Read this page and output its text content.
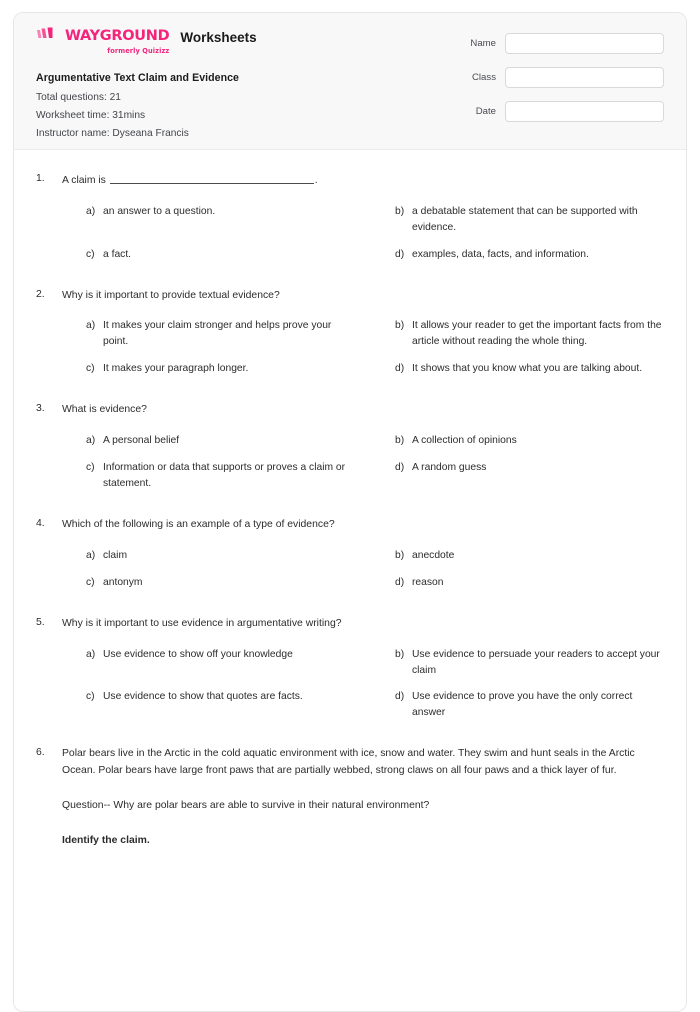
WAYGROUND
formerly Quizizz
Worksheets
Argumentative Text Claim and Evidence
Total questions: 21
Worksheet time: 31mins
Instructor name: Dyseana Francis
Name
Class
Date
1.	A claim is	.
a) an answer to a question.	b) a debatable statement that can be supported with evidence.
c) a fact.	d) examples, data, facts, and information.
2.	Why is it important to provide textual evidence?
a) It makes your claim stronger and helps prove your point.
b) It allows your reader to get the important facts from the article without reading the whole thing.
c) It makes your paragraph longer.	d) It shows that you know what you are talking about.
3.	What is evidence?
a) A personal belief	b) A collection of opinions
c) Information or data that supports or proves a claim or statement.
d) A random guess
4.	Which of the following is an example of a type of evidence?
a) claim	b) anecdote
c) antonym	d) reason
5.	Why is it important to use evidence in argumentative writing?
a) Use evidence to show off your knowledge	b) Use evidence to persuade your readers to accept your claim
c) Use evidence to show that quotes are facts.	d) Use evidence to prove you have the only correct answer
6.	Polar bears live in the Arctic in the cold aquatic environment with ice, snow and water. They swim and hunt seals in the Arctic Ocean. Polar bears have large front paws that are partially webbed, strong claws on all four paws and a thick layer of fur.
Question-- Why are polar bears are able to survive in their natural environment?
Identify the claim.
